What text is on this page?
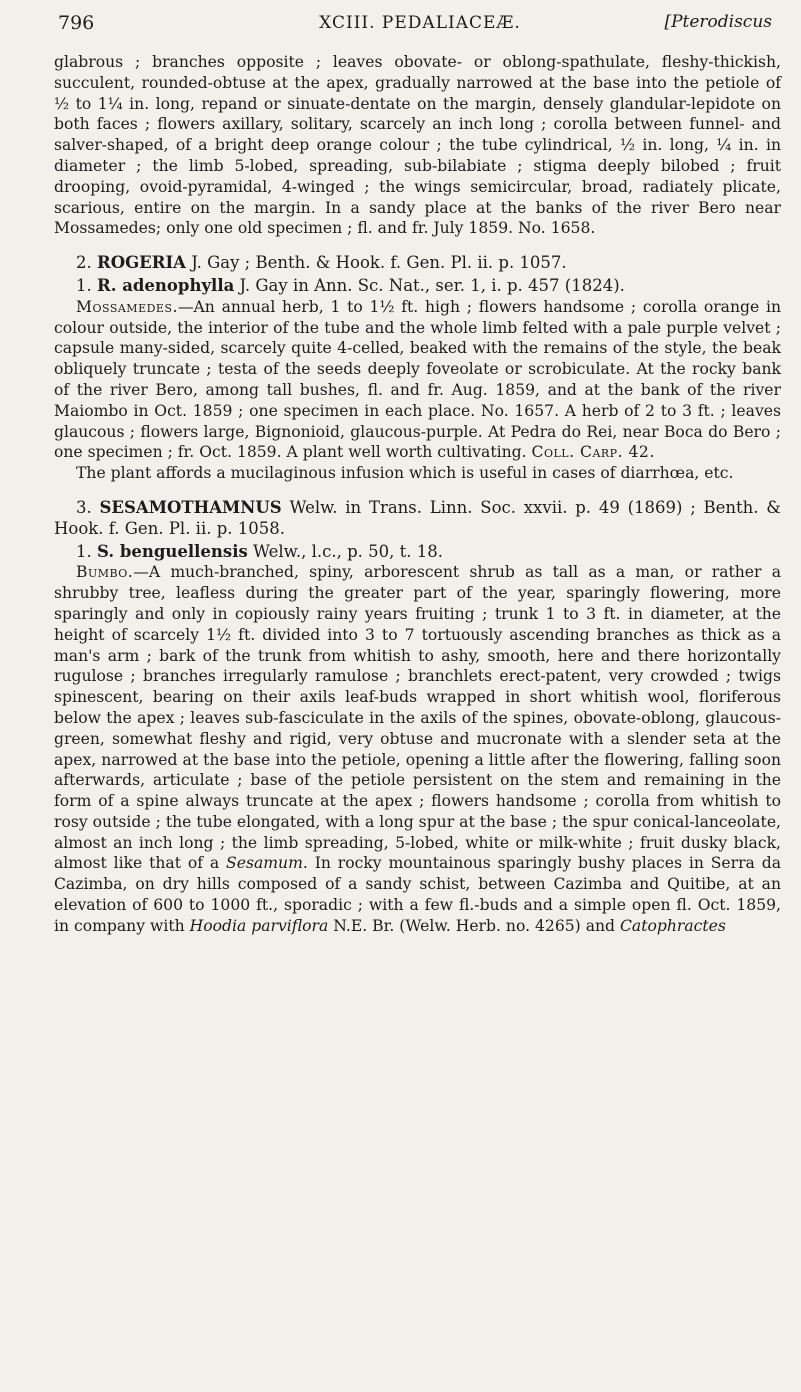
796	XCIII. PEDALIACEÆ.	[Pterodiscus

glabrous ; branches opposite ; leaves obovate- or oblong-spathulate, fleshy-thickish, succulent, rounded-obtuse at the apex, gradually narrowed at the base into the petiole of ½ to 1¼ in. long, repand or sinuate-dentate on the margin, densely glandular-lepidote on both faces ; flowers axillary, solitary, scarcely an inch long ; corolla between funnel- and salver-shaped, of a bright deep orange colour ; the tube cylindrical, ½ in. long, ¼ in. in diameter ; the limb 5-lobed, spreading, sub-bilabiate ; stigma deeply bilobed ; fruit drooping, ovoid-pyramidal, 4-winged ; the wings semicircular, broad, radiately plicate, scarious, entire on the margin. In a sandy place at the banks of the river Bero near Mossamedes; only one old specimen ; fl. and fr. July 1859. No. 1658.

2. ROGERIA J. Gay ; Benth. & Hook. f. Gen. Pl. ii. p. 1057.

1. R. adenophylla J. Gay in Ann. Sc. Nat., ser. 1, i. p. 457 (1824).

Mossamedes.—An annual herb, 1 to 1½ ft. high ; flowers handsome ; corolla orange in colour outside, the interior of the tube and the whole limb felted with a pale purple velvet ; capsule many-sided, scarcely quite 4-celled, beaked with the remains of the style, the beak obliquely truncate ; testa of the seeds deeply foveolate or scrobiculate. At the rocky bank of the river Bero, among tall bushes, fl. and fr. Aug. 1859, and at the bank of the river Maiombo in Oct. 1859 ; one specimen in each place. No. 1657. A herb of 2 to 3 ft. ; leaves glaucous ; flowers large, Bignonioid, glaucous-purple. At Pedra do Rei, near Boca do Bero ; one specimen ; fr. Oct. 1859. A plant well worth cultivating. Coll. Carp. 42.

The plant affords a mucilaginous infusion which is useful in cases of diarrhœa, etc.

3. SESAMOTHAMNUS Welw. in Trans. Linn. Soc. xxvii. p. 49 (1869) ; Benth. & Hook. f. Gen. Pl. ii. p. 1058.

1. S. benguellensis Welw., l.c., p. 50, t. 18.

Bumbo.—A much-branched, spiny, arborescent shrub as tall as a man, or rather a shrubby tree, leafless during the greater part of the year, sparingly flowering, more sparingly and only in copiously rainy years fruiting ; trunk 1 to 3 ft. in diameter, at the height of scarcely 1½ ft. divided into 3 to 7 tortuously ascending branches as thick as a man's arm ; bark of the trunk from whitish to ashy, smooth, here and there horizontally rugulose ; branches irregularly ramulose ; branchlets erect-patent, very crowded ; twigs spinescent, bearing on their axils leaf-buds wrapped in short whitish wool, floriferous below the apex ; leaves sub-fasciculate in the axils of the spines, obovate-oblong, glaucous-green, somewhat fleshy and rigid, very obtuse and mucronate with a slender seta at the apex, narrowed at the base into the petiole, opening a little after the flowering, falling soon afterwards, articulate ; base of the petiole persistent on the stem and remaining in the form of a spine always truncate at the apex ; flowers handsome ; corolla from whitish to rosy outside ; the tube elongated, with a long spur at the base ; the spur conical-lanceolate, almost an inch long ; the limb spreading, 5-lobed, white or milk-white ; fruit dusky black, almost like that of a Sesamum. In rocky mountainous sparingly bushy places in Serra da Cazimba, on dry hills composed of a sandy schist, between Cazimba and Quitibe, at an elevation of 600 to 1000 ft., sporadic ; with a few fl.-buds and a simple open fl. Oct. 1859, in company with Hoodia parviflora N.E. Br. (Welw. Herb. no. 4265) and Catophractes
